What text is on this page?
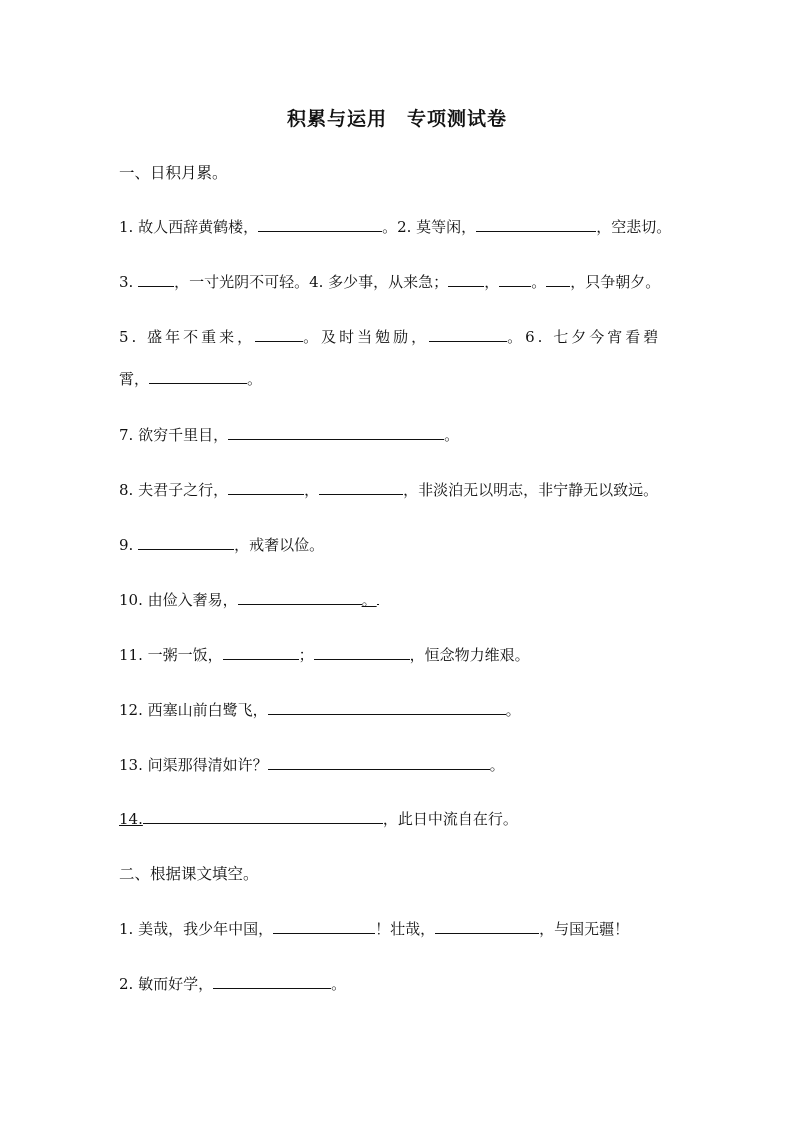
积累与运用　专项测试卷
一、日积月累。
1. 故人西辞黄鹤楼，	。2. 莫等闲，	，空悲切。
3. ，一寸光阴不可轻。4. 多少事，从来急； ， 。 ，只争朝夕。
5. 盛年不重来，	。及时当勉励，	。6. 七夕今宵看碧
霄，	。
7. 欲穷千里目，	。
8. 夫君子之行，	，	，非淡泊无以明志，非宁静无以致远。
9.	，戒奢以俭。
10. 由俭入奢易，	。
11. 一粥一饭，	；	，恒念物力维艰。
12. 西塞山前白鹭飞，	。
13. 问渠那得清如许？	。
14.	，此日中流自在行。
二、根据课文填空。
1. 美哉，我少年中国，	！壮哉，	，与国无疆！
2. 敏而好学，	。
